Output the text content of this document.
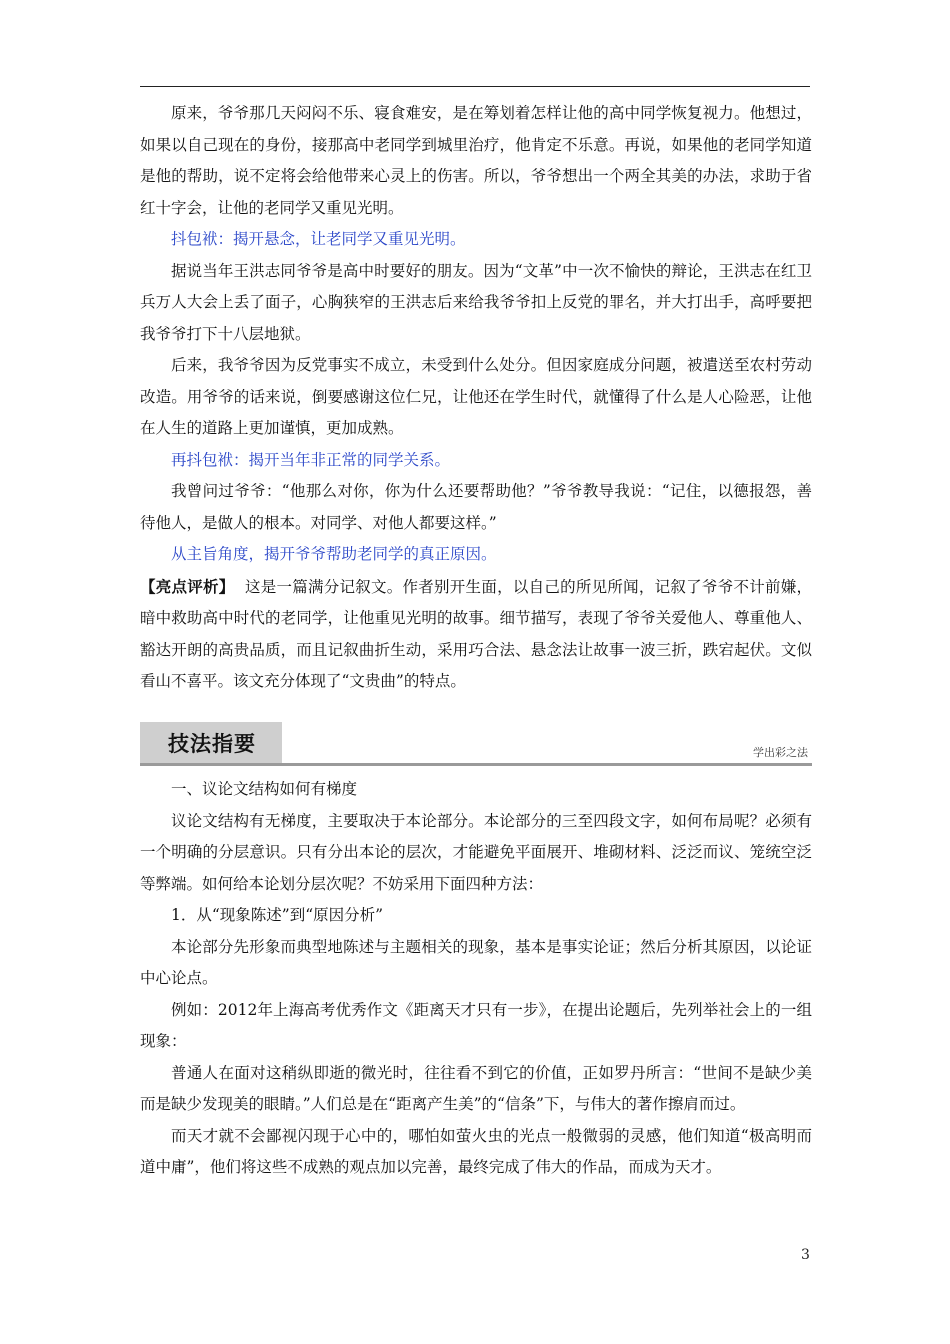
原来，爷爷那几天闷闷不乐、寝食难安，是在筹划着怎样让他的高中同学恢复视力。他想过，如果以自己现在的身份，接那高中老同学到城里治疗，他肯定不乐意。再说，如果他的老同学知道是他的帮助，说不定将会给他带来心灵上的伤害。所以，爷爷想出一个两全其美的办法，求助于省红十字会，让他的老同学又重见光明。

抖包袱：揭开悬念，让老同学又重见光明。

据说当年王洪志同爷爷是高中时要好的朋友。因为“文革”中一次不愉快的辩论，王洪志在红卫兵万人大会上丢了面子，心胸狭窄的王洪志后来给我爷爷扣上反党的罪名，并大打出手，高呼要把我爷爷打下十八层地狱。

后来，我爷爷因为反党事实不成立，未受到什么处分。但因家庭成分问题，被遣送至农村劳动改造。用爷爷的话来说，倒要感谢这位仁兄，让他还在学生时代，就懂得了什么是人心险恶，让他在人生的道路上更加谨慎，更加成熟。

再抖包袱：揭开当年非正常的同学关系。

我曾问过爷爷：“他那么对你，你为什么还要帮助他？”爷爷教导我说：“记住，以德报怨，善待他人，是做人的根本。对同学、对他人都要这样。”

从主旨角度，揭开爷爷帮助老同学的真正原因。

【亮点评析】 这是一篇满分记叙文。作者别开生面，以自己的所见所闻，记叙了爷爷不计前嫌，暗中救助高中时代的老同学，让他重见光明的故事。细节描写，表现了爷爷关爱他人、尊重他人、豁达开朗的高贵品质，而且记叙曲折生动，采用巧合法、悬念法让故事一波三折，跌宕起伏。文似看山不喜平。该文充分体现了“文贵曲”的特点。

技法指要	学出彩之法

一、议论文结构如何有梯度

议论文结构有无梯度，主要取决于本论部分。本论部分的三至四段文字，如何布局呢？必须有一个明确的分层意识。只有分出本论的层次，才能避免平面展开、堆砌材料、泛泛而议、笼统空泛等弊端。如何给本论划分层次呢？不妨采用下面四种方法：

1．从“现象陈述”到“原因分析”

本论部分先形象而典型地陈述与主题相关的现象，基本是事实论证；然后分析其原因，以论证中心论点。

例如：2012年上海高考优秀作文《距离天才只有一步》，在提出论题后，先列举社会上的一组现象：

普通人在面对这稍纵即逝的微光时，往往看不到它的价值，正如罗丹所言：“世间不是缺少美而是缺少发现美的眼睛。”人们总是在“距离产生美”的“信条”下，与伟大的著作擦肩而过。

而天才就不会鄙视闪现于心中的，哪怕如萤火虫的光点一般微弱的灵感，他们知道“极高明而道中庸”，他们将这些不成熟的观点加以完善，最终完成了伟大的作品，而成为天才。

3
